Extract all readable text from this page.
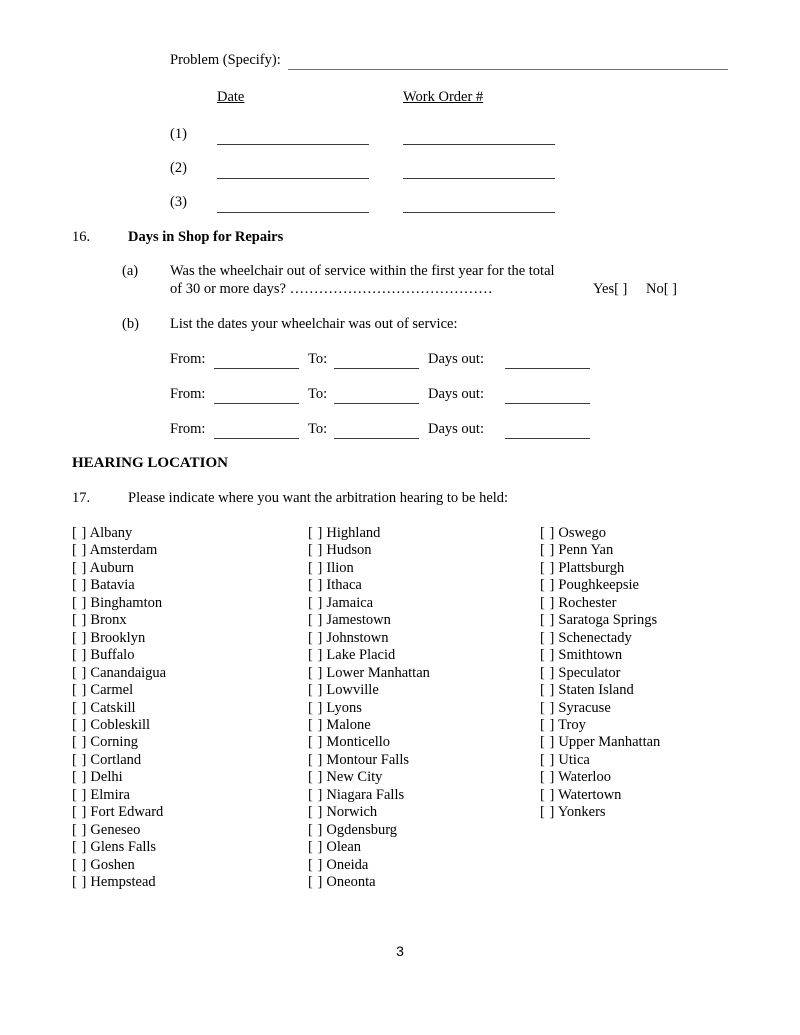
Problem (Specify):
Date	Work Order #
(1)
(2)
(3)
16.	Days in Shop for Repairs
(a) Was the wheelchair out of service within the first year for the total
of 30 or more days? ……………………………………	Yes[ ] No[ ]
(b) List the dates your wheelchair was out of service:
From:	To:	Days out:
From:	To:	Days out:
From:	To:	Days out:
HEARING LOCATION
17.	Please indicate where you want the arbitration hearing to be held:
[ ] Albany
[ ] Amsterdam
[ ] Auburn
[ ] Batavia
[ ] Binghamton
[ ] Bronx
[ ] Brooklyn
[ ] Buffalo
[ ] Canandaigua
[ ] Carmel
[ ] Catskill
[ ] Cobleskill
[ ] Corning
[ ] Cortland
[ ] Delhi
[ ] Elmira
[ ] Fort Edward
[ ] Geneseo
[ ] Glens Falls
[ ] Goshen
[ ] Hempstead
[ ] Highland
[ ] Hudson
[ ] Ilion
[ ] Ithaca
[ ] Jamaica
[ ] Jamestown
[ ] Johnstown
[ ] Lake Placid
[ ] Lower Manhattan
[ ] Lowville
[ ] Lyons
[ ] Malone
[ ] Monticello
[ ] Montour Falls
[ ] New City
[ ] Niagara Falls
[ ] Norwich
[ ] Ogdensburg
[ ] Olean
[ ] Oneida
[ ] Oneonta
[ ] Oswego
[ ] Penn Yan
[ ] Plattsburgh
[ ] Poughkeepsie
[ ] Rochester
[ ] Saratoga Springs
[ ] Schenectady
[ ] Smithtown
[ ] Speculator
[ ] Staten Island
[ ] Syracuse
[ ] Troy
[ ] Upper Manhattan
[ ] Utica
[ ] Waterloo
[ ] Watertown
[ ] Yonkers
3
